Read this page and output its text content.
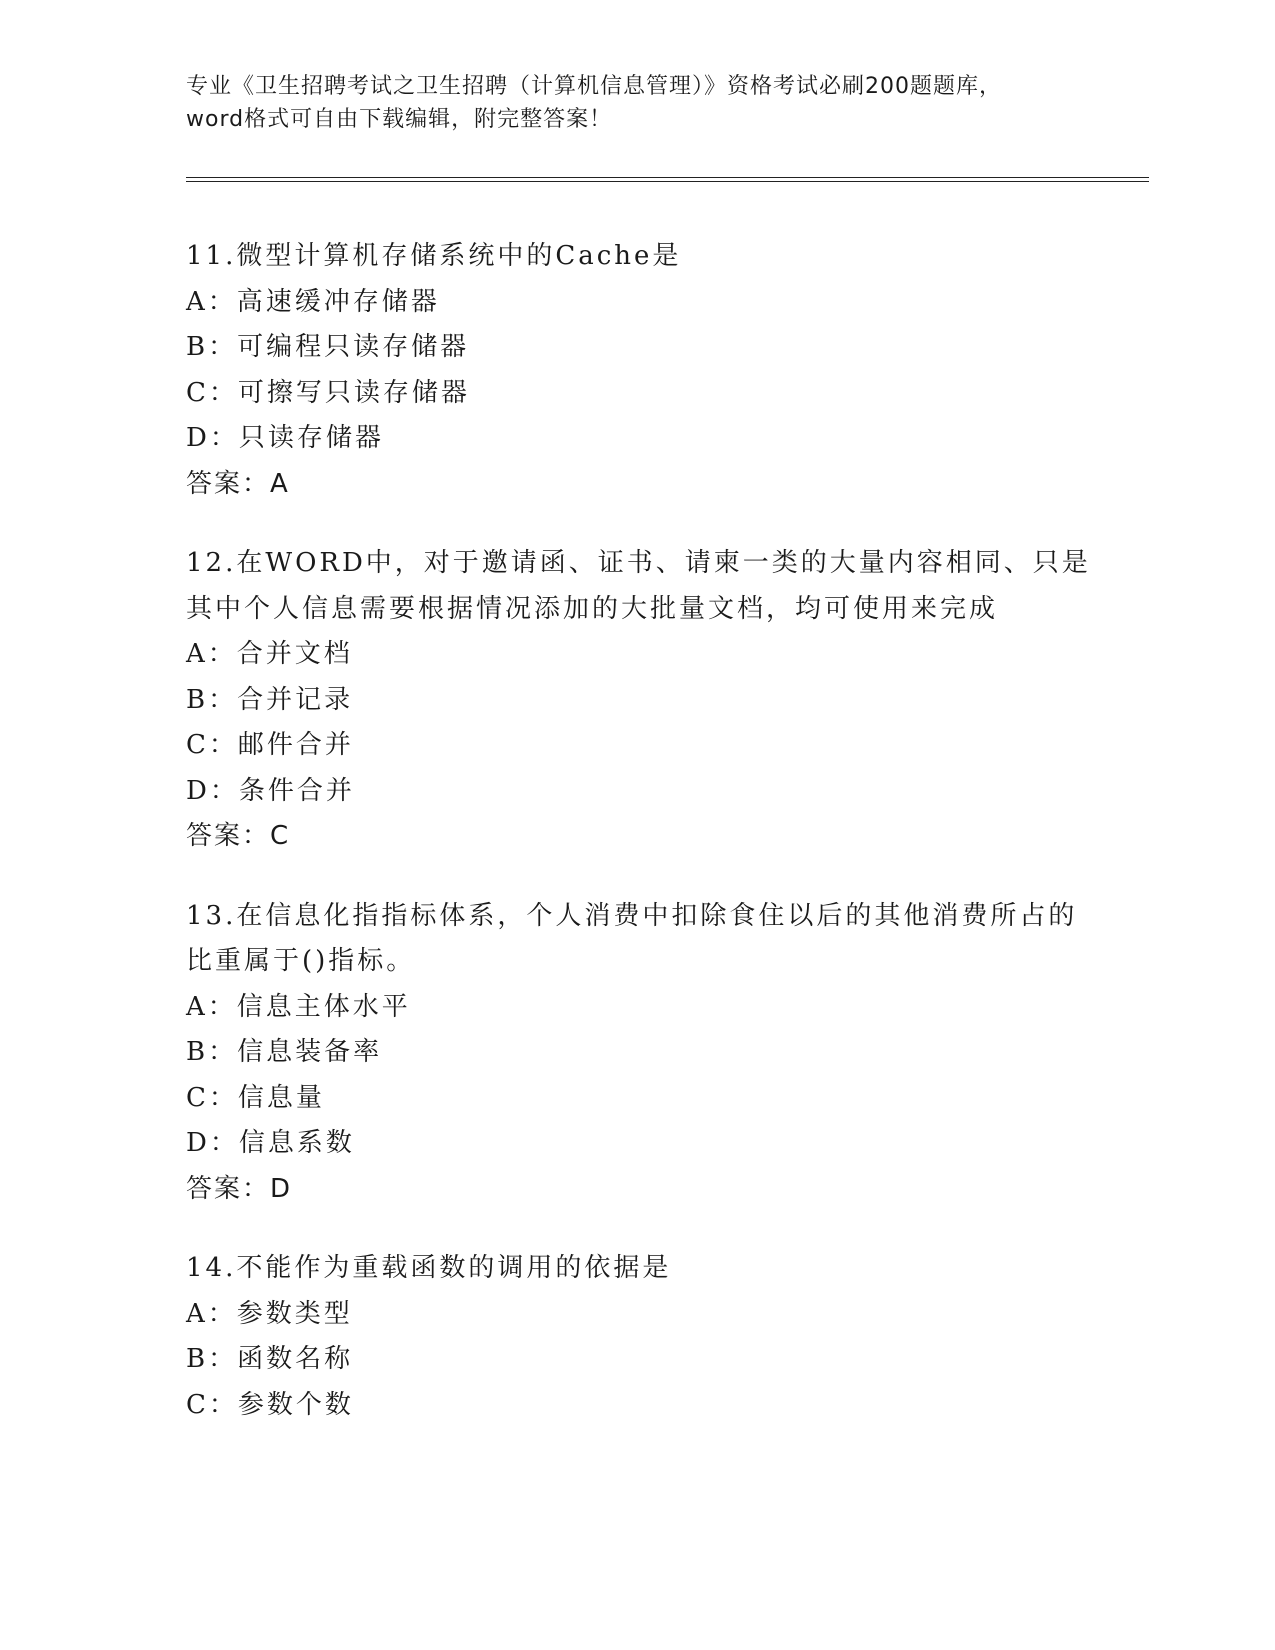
专业《卫生招聘考试之卫生招聘（计算机信息管理）》资格考试必刷200题题库，

word格式可自由下载编辑，附完整答案！

11.微型计算机存储系统中的Cache是

A：高速缓冲存储器

B：可编程只读存储器

C：可擦写只读存储器

D：只读存储器

答案：A

12.在WORD中，对于邀请函、证书、请柬一类的大量内容相同、只是

其中个人信息需要根据情况添加的大批量文档，均可使用来完成

A：合并文档

B：合并记录

C：邮件合并

D：条件合并

答案：C

13.在信息化指指标体系，个人消费中扣除食住以后的其他消费所占的

比重属于()指标。

A：信息主体水平

B：信息装备率

C：信息量

D：信息系数

答案：D

14.不能作为重载函数的调用的依据是

A：参数类型

B：函数名称

C：参数个数
